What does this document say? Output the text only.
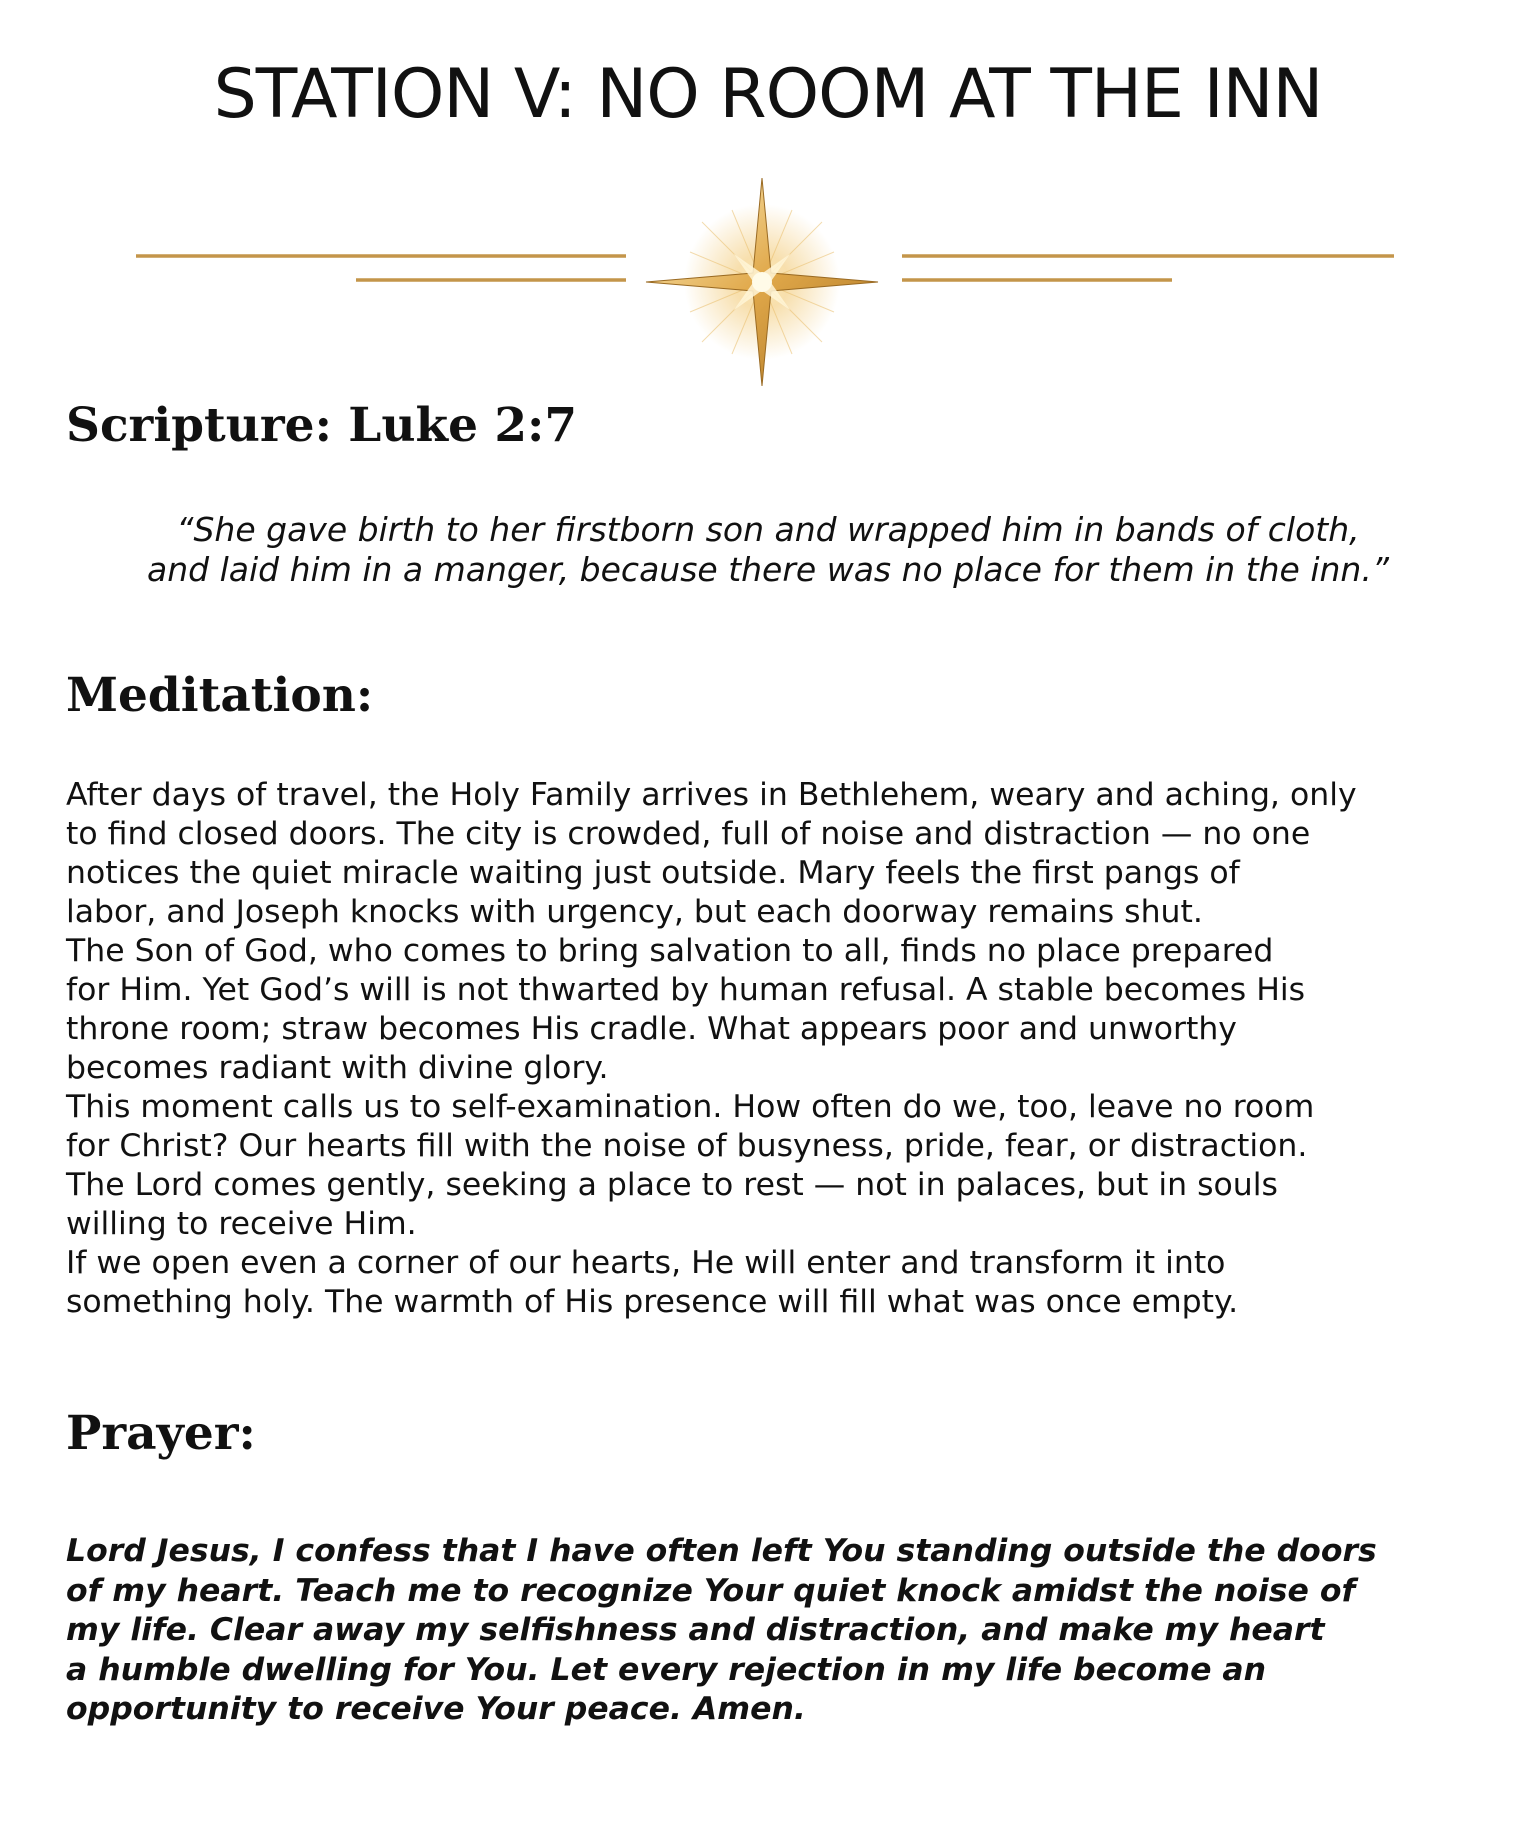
STATION V: NO ROOM AT THE INN
Scripture: Luke 2:7

“She gave birth to her firstborn son and wrapped him in bands of cloth,
and laid him in a manger, because there was no place for them in the inn.”

Meditation:

After days of travel, the Holy Family arrives in Bethlehem, weary and aching, only
to find closed doors. The city is crowded, full of noise and distraction — no one
notices the quiet miracle waiting just outside. Mary feels the first pangs of
labor, and Joseph knocks with urgency, but each doorway remains shut.
The Son of God, who comes to bring salvation to all, finds no place prepared
for Him. Yet God’s will is not thwarted by human refusal. A stable becomes His
throne room; straw becomes His cradle. What appears poor and unworthy
becomes radiant with divine glory.
This moment calls us to self-examination. How often do we, too, leave no room
for Christ? Our hearts fill with the noise of busyness, pride, fear, or distraction.
The Lord comes gently, seeking a place to rest — not in palaces, but in souls
willing to receive Him.
If we open even a corner of our hearts, He will enter and transform it into
something holy. The warmth of His presence will fill what was once empty.

Prayer:

Lord Jesus, I confess that I have often left You standing outside the doors
of my heart. Teach me to recognize Your quiet knock amidst the noise of
my life. Clear away my selfishness and distraction, and make my heart
a humble dwelling for You. Let every rejection in my life become an
opportunity to receive Your peace. Amen.
